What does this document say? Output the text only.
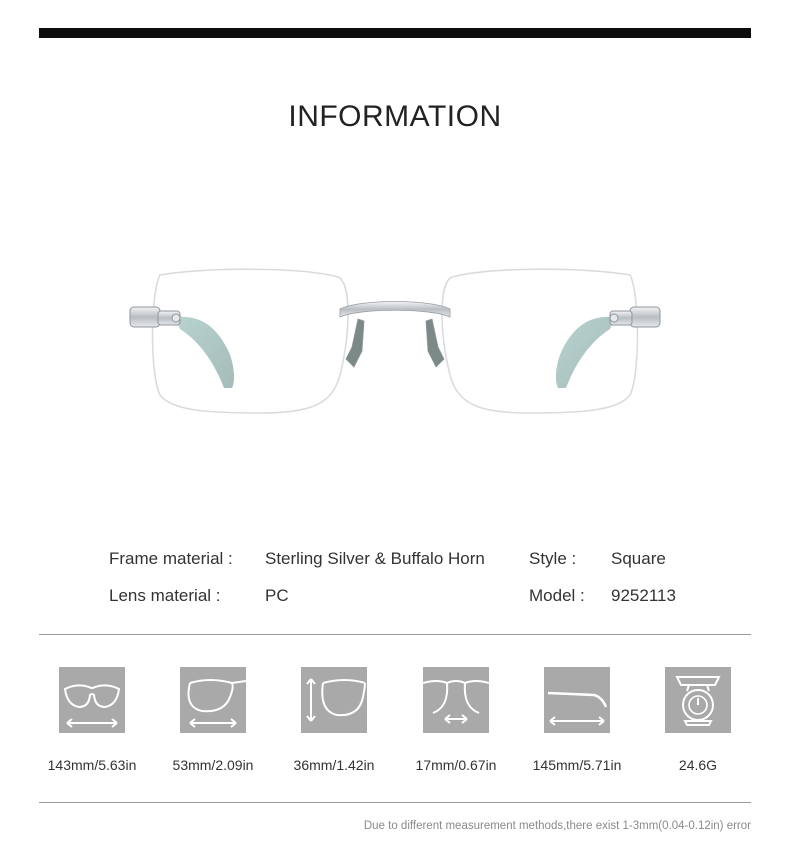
INFORMATION
Frame material : Sterling Silver & Buffalo Horn	Style : Square
Lens material :	PC	Model : 9252113
143mm/5.63in	53mm/2.09in	36mm/1.42in	17mm/0.67in	145mm/5.71in	24.6G
Due to different measurement methods,there exist 1-3mm(0.04-0.12in) error
